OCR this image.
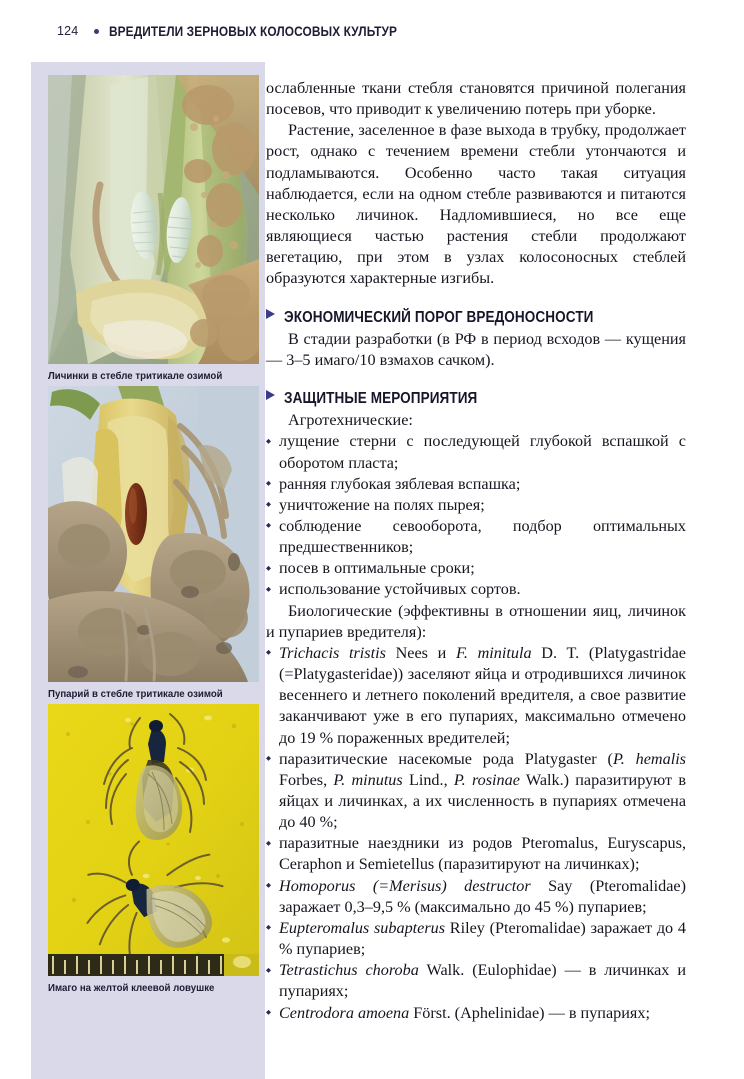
124 ВРЕДИТЕЛИ ЗЕРНОВЫХ КОЛОСОВЫХ КУЛЬТУР
Личинки в стебле тритикале озимой
Пупарий в стебле тритикале озимой
Имаго на желтой клеевой ловушке

ослабленные ткани стебля становятся причиной полегания посевов, что приводит к увеличению потерь при уборке.

Растение, заселенное в фазе выхода в трубку, продолжает рост, однако с течением времени стебли утончаются и подламываются. Особенно часто такая ситуация наблюдается, если на одном стебле развиваются и питаются несколько личинок. Надломившиеся, но все еще являющиеся частью растения стебли продолжают вегетацию, при этом в узлах колосоносных стеблей образуются характерные изгибы.

ЭКОНОМИЧЕСКИЙ ПОРОГ ВРЕДОНОСНОСТИ

В стадии разработки (в РФ в период всходов — кущения — 3–5 имаго/10 взмахов сачком).

ЗАЩИТНЫЕ МЕРОПРИЯТИЯ

Агротехнические:

◆ лущение стерни с последующей глубокой вспашкой с оборотом пласта;
◆ ранняя глубокая зяблевая вспашка;
◆ уничтожение на полях пырея;
◆ соблюдение севооборота, подбор оптимальных предшественников;
◆ посев в оптимальные сроки;
◆ использование устойчивых сортов.

Биологические (эффективны в отношении яиц, личинок и пупариев вредителя):

◆ Trichacis tristis Nees и F. minitula D. T. (Platygastridae (=Platygasteridae)) заселяют яйца и отродившихся личинок весеннего и летнего поколений вредителя, а свое развитие заканчивают уже в его пупариях, максимально отмечено до 19 % пораженных вредителей;
◆ паразитические насекомые рода Platygaster (P. hemalis Forbes, P. minutus Lind., P. rosinae Walk.) паразитируют в яйцах и личинках, а их численность в пупариях отмечена до 40 %;
◆ паразитные наездники из родов Pteromalus, Euryscapus, Ceraphon и Semietellus (паразитируют на личинках);
◆ Homoporus (=Merisus) destructor Say (Pteromalidae) заражает 0,3–9,5 % (максимально до 45 %) пупариев;
◆ Eupteromalus subapterus Riley (Pteromalidae) заражает до 4 % пупариев;
◆ Tetrastichus choroba Walk. (Eulophidae) — в личинках и пупариях;
◆ Centrodora amoena Först. (Aphelinidae) — в пупариях;
